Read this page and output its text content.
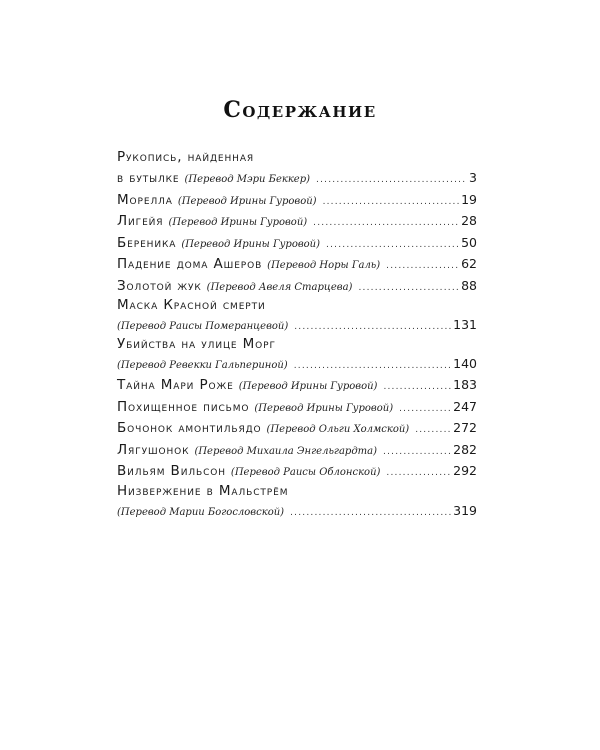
Содержание
Рукопись, найденная
в бутылке (Перевод Мэри Беккер) .....	3
Морелла (Перевод Ирины Гуровой) .....	19
Лигейя (Перевод Ирины Гуровой) .....	28
Береника (Перевод Ирины Гуровой) .....	50
Падение дома Ашеров (Перевод Норы Галь) .....	62
Золотой жук (Перевод Авеля Старцева) .....	88
Маска Красной смерти
(Перевод Раисы Померанцевой) .....	131
Убийства на улице Морг
(Перевод Ревекки Гальпериной) .....	140
Тайна Мари Роже (Перевод Ирины Гуровой) .....	183
Похищенное письмо (Перевод Ирины Гуровой) .....	247
Бочонок амонтильядо (Перевод Ольги Холмской) .....	272
Лягушонок (Перевод Михаила Энгельгардта) .....	282
Вильям Вильсон (Перевод Раисы Облонской) .....	292
Низвержение в Мальстрём
(Перевод Марии Богословской) .....	319
